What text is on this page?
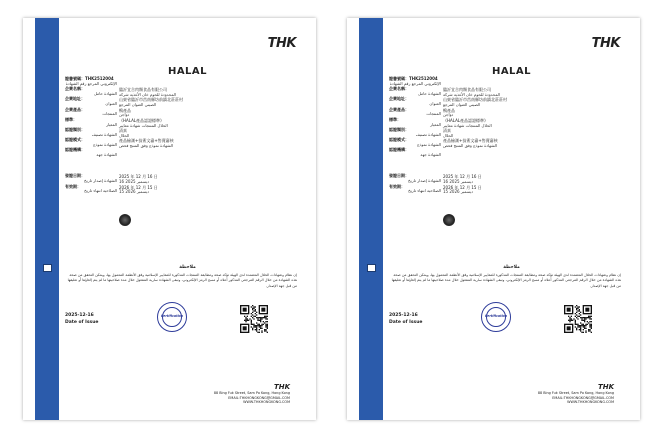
THK
HALAL
證書號碼：THK2512004
الإلكتروني المرجع رقم الشهادة
企業名稱：
الشهادة حامل
臨沂宜合肉類食品有限公司
المحدودة للحوم خان الأغذية شركة
企業地址：
العنوان
山東省臨沂市莒南縣坊前鎮北莊莊村
الصيني العنوان المرجع
企業產品：
المنتجات
鴨產品
دواجن
標準：
المعيار
《HALAL產品認證標準》
الحلال المنتجات شهادة معايير
認證類別：
الشهادة تصنيف
清真
الحلال
認證模式：
الشهادة نموذج
產品檢測+技術文審+售賣審核
الشهادة نموذج وفق المنتج فحص
認證機構：
الشهادة جهة
發證日期：
الشهادة إصدار تاريخ
2025 年 12 月 16 日
16 ديسمبر 2025
有效期：
الصلاحية انتهاء تاريخ
2026 年 12 月 15 日
15 ديسمبر 2026
ملاحظة
إن نظام وشهادات الحلال المعتمدة لدى الهيئة تؤكد صحة ومطابقة المنتجات المذكورة للمعايير الإسلامية وفق الأنظمة المعمول بها، ويمكن التحقق من صحة هذه الشهادة من خلال الرقم المرجعي المذكور أعلاه أو مسح الرمز الإلكتروني، وتبقى الشهادة سارية المفعول خلال مدة صلاحيتها ما لم يتم إلغاؤها أو تعليقها من قبل جهة الإصدار.
2025-12-16
Date of Issue
Certification
THK
88 Bing Fuk Street, Sam Po Kong, Hong Kong
EMAIL:THKHONGKONG@GMAIL.COM
WWW.THKHONGKONG.COM
THK
HALAL
證書號碼：THK2512004
الإلكتروني المرجع رقم الشهادة
企業名稱：
الشهادة حامل
臨沂宜合肉類食品有限公司
المحدودة للحوم خان الأغذية شركة
企業地址：
العنوان
山東省臨沂市莒南縣坊前鎮北莊莊村
الصيني العنوان المرجع
企業產品：
المنتجات
鴨產品
دواجن
標準：
المعيار
《HALAL產品認證標準》
الحلال المنتجات شهادة معايير
認證類別：
الشهادة تصنيف
清真
الحلال
認證模式：
الشهادة نموذج
產品檢測+技術文審+售賣審核
الشهادة نموذج وفق المنتج فحص
認證機構：
الشهادة جهة
發證日期：
الشهادة إصدار تاريخ
2025 年 12 月 16 日
16 ديسمبر 2025
有效期：
الصلاحية انتهاء تاريخ
2026 年 12 月 15 日
15 ديسمبر 2026
ملاحظة
إن نظام وشهادات الحلال المعتمدة لدى الهيئة تؤكد صحة ومطابقة المنتجات المذكورة للمعايير الإسلامية وفق الأنظمة المعمول بها، ويمكن التحقق من صحة هذه الشهادة من خلال الرقم المرجعي المذكور أعلاه أو مسح الرمز الإلكتروني، وتبقى الشهادة سارية المفعول خلال مدة صلاحيتها ما لم يتم إلغاؤها أو تعليقها من قبل جهة الإصدار.
2025-12-16
Date of Issue
Certification
THK
88 Bing Fuk Street, Sam Po Kong, Hong Kong
EMAIL:THKHONGKONG@GMAIL.COM
WWW.THKHONGKONG.COM
